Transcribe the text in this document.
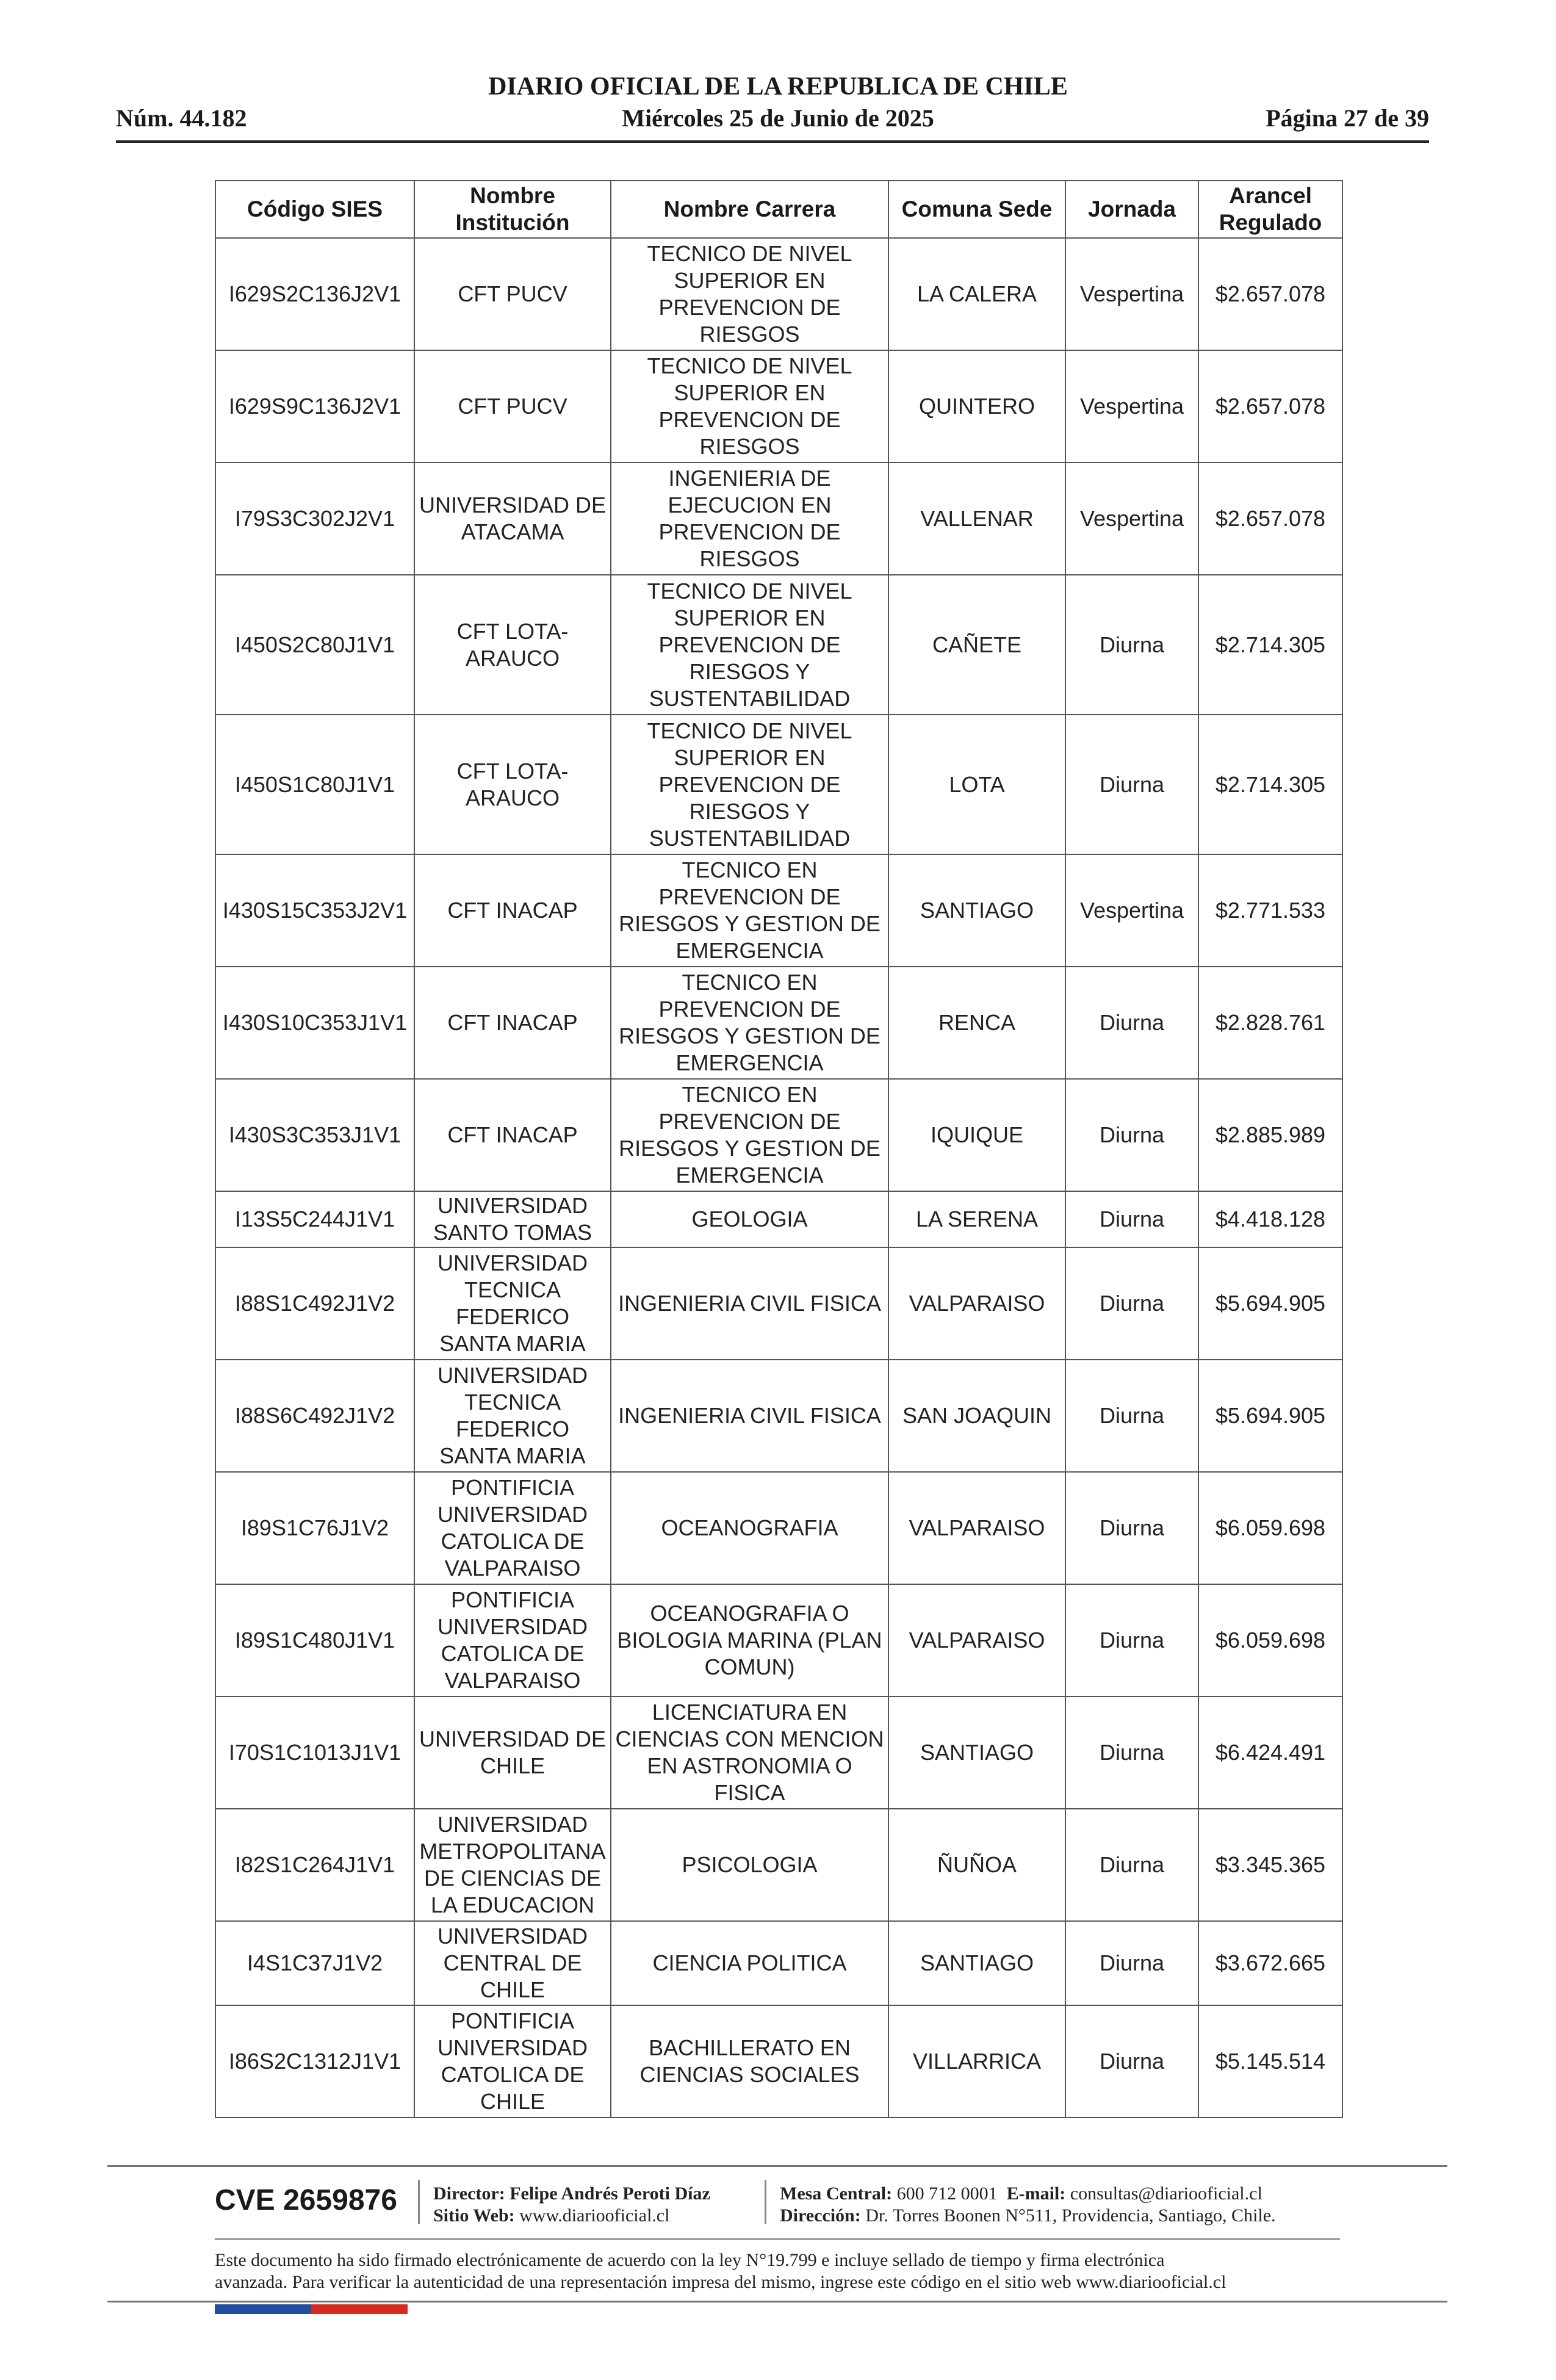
DIARIO OFICIAL DE LA REPUBLICA DE CHILE
Núm. 44.182	Miércoles 25 de Junio de 2025	Página 27 de 39
Código SIES	Nombre Institución	Nombre Carrera	Comuna Sede	Jornada	Arancel Regulado
I629S2C136J2V1	CFT PUCV	TECNICO DE NIVEL SUPERIOR EN PREVENCION DE RIESGOS	LA CALERA	Vespertina	$2.657.078
I629S9C136J2V1	CFT PUCV	TECNICO DE NIVEL SUPERIOR EN PREVENCION DE RIESGOS	QUINTERO	Vespertina	$2.657.078
I79S3C302J2V1	UNIVERSIDAD DE ATACAMA	INGENIERIA DE EJECUCION EN PREVENCION DE RIESGOS	VALLENAR	Vespertina	$2.657.078
I450S2C80J1V1	CFT LOTA-ARAUCO	TECNICO DE NIVEL SUPERIOR EN PREVENCION DE RIESGOS Y SUSTENTABILIDAD	CAÑETE	Diurna	$2.714.305
I450S1C80J1V1	CFT LOTA-ARAUCO	TECNICO DE NIVEL SUPERIOR EN PREVENCION DE RIESGOS Y SUSTENTABILIDAD	LOTA	Diurna	$2.714.305
I430S15C353J2V1	CFT INACAP	TECNICO EN PREVENCION DE RIESGOS Y GESTION DE EMERGENCIA	SANTIAGO	Vespertina	$2.771.533
I430S10C353J1V1	CFT INACAP	TECNICO EN PREVENCION DE RIESGOS Y GESTION DE EMERGENCIA	RENCA	Diurna	$2.828.761
I430S3C353J1V1	CFT INACAP	TECNICO EN PREVENCION DE RIESGOS Y GESTION DE EMERGENCIA	IQUIQUE	Diurna	$2.885.989
I13S5C244J1V1	UNIVERSIDAD SANTO TOMAS	GEOLOGIA	LA SERENA	Diurna	$4.418.128
I88S1C492J1V2	UNIVERSIDAD TECNICA FEDERICO SANTA MARIA	INGENIERIA CIVIL FISICA	VALPARAISO	Diurna	$5.694.905
I88S6C492J1V2	UNIVERSIDAD TECNICA FEDERICO SANTA MARIA	INGENIERIA CIVIL FISICA	SAN JOAQUIN	Diurna	$5.694.905
I89S1C76J1V2	PONTIFICIA UNIVERSIDAD CATOLICA DE VALPARAISO	OCEANOGRAFIA	VALPARAISO	Diurna	$6.059.698
I89S1C480J1V1	PONTIFICIA UNIVERSIDAD CATOLICA DE VALPARAISO	OCEANOGRAFIA O BIOLOGIA MARINA (PLAN COMUN)	VALPARAISO	Diurna	$6.059.698
I70S1C1013J1V1	UNIVERSIDAD DE CHILE	LICENCIATURA EN CIENCIAS CON MENCION EN ASTRONOMIA O FISICA	SANTIAGO	Diurna	$6.424.491
I82S1C264J1V1	UNIVERSIDAD METROPOLITANA DE CIENCIAS DE LA EDUCACION	PSICOLOGIA	ÑUÑOA	Diurna	$3.345.365
I4S1C37J1V2	UNIVERSIDAD CENTRAL DE CHILE	CIENCIA POLITICA	SANTIAGO	Diurna	$3.672.665
I86S2C1312J1V1	PONTIFICIA UNIVERSIDAD CATOLICA DE CHILE	BACHILLERATO EN CIENCIAS SOCIALES	VILLARRICA	Diurna	$5.145.514
CVE 2659876 Director: Felipe Andrés Peroti Díaz
Sitio Web: www.diariooficial.cl
Mesa Central: 600 712 0001 E-mail: consultas@diariooficial.cl
Dirección: Dr. Torres Boonen N°511, Providencia, Santiago, Chile.
Este documento ha sido firmado electrónicamente de acuerdo con la ley N°19.799 e incluye sellado de tiempo y firma electrónica
avanzada. Para verificar la autenticidad de una representación impresa del mismo, ingrese este código en el sitio web www.diariooficial.cl
